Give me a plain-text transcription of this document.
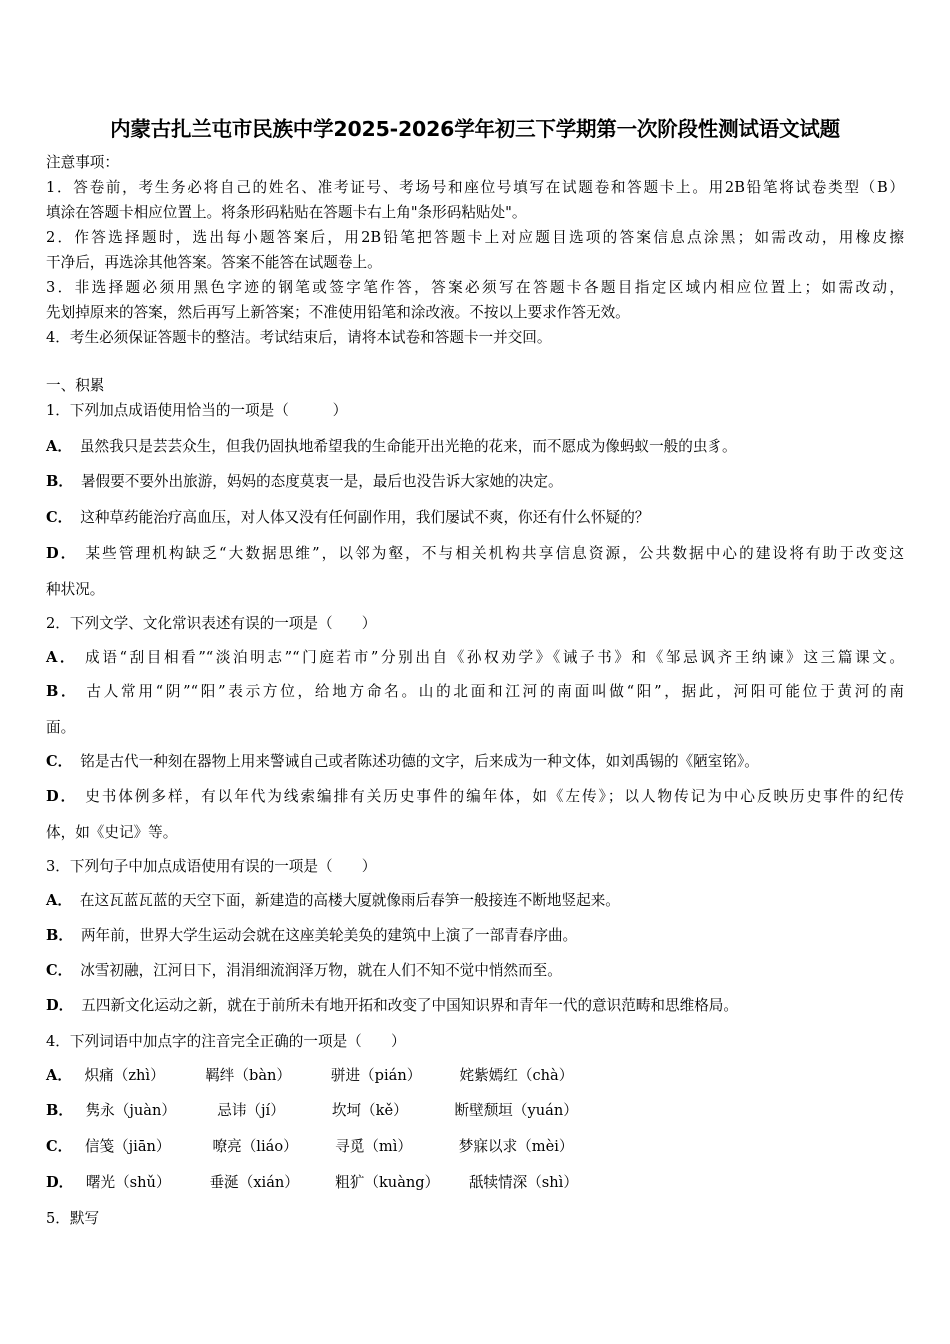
内蒙古扎兰屯市民族中学2025-2026学年初三下学期第一次阶段性测试语文试题
注意事项：
1．答卷前，考生务必将自己的姓名、准考证号、考场号和座位号填写在试题卷和答题卡上。用2B铅笔将试卷类型（B）
填涂在答题卡相应位置上。将条形码粘贴在答题卡右上角"条形码粘贴处"。
2．作答选择题时，选出每小题答案后，用2B铅笔把答题卡上对应题目选项的答案信息点涂黑；如需改动，用橡皮擦
干净后，再选涂其他答案。答案不能答在试题卷上。
3．非选择题必须用黑色字迹的钢笔或签字笔作答，答案必须写在答题卡各题目指定区域内相应位置上；如需改动，
先划掉原来的答案，然后再写上新答案；不准使用铅笔和涂改液。不按以上要求作答无效。
4．考生必须保证答题卡的整洁。考试结束后，请将本试卷和答题卡一并交回。
一、积累
1．下列加点成语使用恰当的一项是（　　　）
A． 虽然我只是芸芸众生，但我仍固执地希望我的生命能开出光艳的花来，而不愿成为像蚂蚁一般的虫豸。
B． 暑假要不要外出旅游，妈妈的态度莫衷一是，最后也没告诉大家她的决定。
C． 这种草药能治疗高血压，对人体又没有任何副作用，我们屡试不爽，你还有什么怀疑的？
D． 某些管理机构缺乏“大数据思维”，以邻为壑，不与相关机构共享信息资源，公共数据中心的建设将有助于改变这
种状况。
2．下列文学、文化常识表述有误的一项是（　　）
A． 成语“刮目相看”“淡泊明志”“门庭若市”分别出自《孙权劝学》《诫子书》和《邹忌讽齐王纳谏》这三篇课文。
B． 古人常用“阴”“阳”表示方位，给地方命名。山的北面和江河的南面叫做“阳”，据此，河阳可能位于黄河的南
面。
C． 铭是古代一种刻在器物上用来警诫自己或者陈述功德的文字，后来成为一种文体，如刘禹锡的《陋室铭》。
D． 史书体例多样，有以年代为线索编排有关历史事件的编年体，如《左传》；以人物传记为中心反映历史事件的纪传
体，如《史记》等。
3．下列句子中加点成语使用有误的一项是（　　）
A． 在这瓦蓝瓦蓝的天空下面，新建造的高楼大厦就像雨后春笋一般接连不断地竖起来。
B． 两年前，世界大学生运动会就在这座美轮美奂的建筑中上演了一部青春序曲。
C． 冰雪初融，江河日下，涓涓细流润泽万物，就在人们不知不觉中悄然而至。
D． 五四新文化运动之新，就在于前所未有地开拓和改变了中国知识界和青年一代的意识范畴和思维格局。
4．下列词语中加点字的注音完全正确的一项是（　　）
A． 炽痛（zhì）	羁绊（bàn）	骈进（pián）	姹紫嫣红（chà）
B． 隽永（juàn）	忌讳（jí）	坎坷（kě）	断壁颓垣（yuán）
C． 信笺（jiān）	嘹亮（liáo）	寻觅（mì）	梦寐以求（mèi）
D． 曙光（shǔ）	垂涎（xián） 粗犷（kuàng） 舐犊情深（shì）
5．默写
